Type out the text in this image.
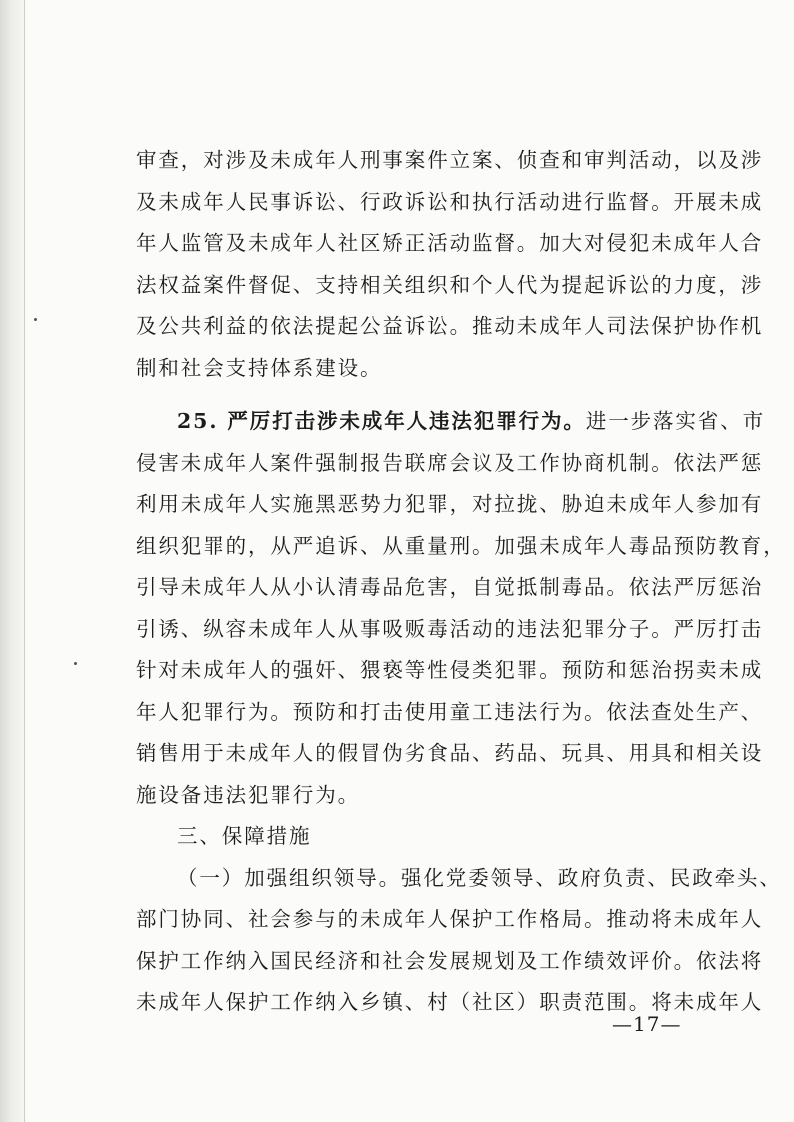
审查，对涉及未成年人刑事案件立案、侦查和审判活动，以及涉
及未成年人民事诉讼、行政诉讼和执行活动进行监督。开展未成
年人监管及未成年人社区矫正活动监督。加大对侵犯未成年人合
法权益案件督促、支持相关组织和个人代为提起诉讼的力度，涉
及公共利益的依法提起公益诉讼。推动未成年人司法保护协作机
制和社会支持体系建设。
25. 严厉打击涉未成年人违法犯罪行为。进一步落实省、市
侵害未成年人案件强制报告联席会议及工作协商机制。依法严惩
利用未成年人实施黑恶势力犯罪，对拉拢、胁迫未成年人参加有
组织犯罪的，从严追诉、从重量刑。加强未成年人毒品预防教育，
引导未成年人从小认清毒品危害，自觉抵制毒品。依法严厉惩治
引诱、纵容未成年人从事吸贩毒活动的违法犯罪分子。严厉打击
针对未成年人的强奸、猥亵等性侵类犯罪。预防和惩治拐卖未成
年人犯罪行为。预防和打击使用童工违法行为。依法查处生产、
销售用于未成年人的假冒伪劣食品、药品、玩具、用具和相关设
施设备违法犯罪行为。
三、保障措施
（一）加强组织领导。强化党委领导、政府负责、民政牵头、
部门协同、社会参与的未成年人保护工作格局。推动将未成年人
保护工作纳入国民经济和社会发展规划及工作绩效评价。依法将
未成年人保护工作纳入乡镇、村（社区）职责范围。将未成年人
—17—
